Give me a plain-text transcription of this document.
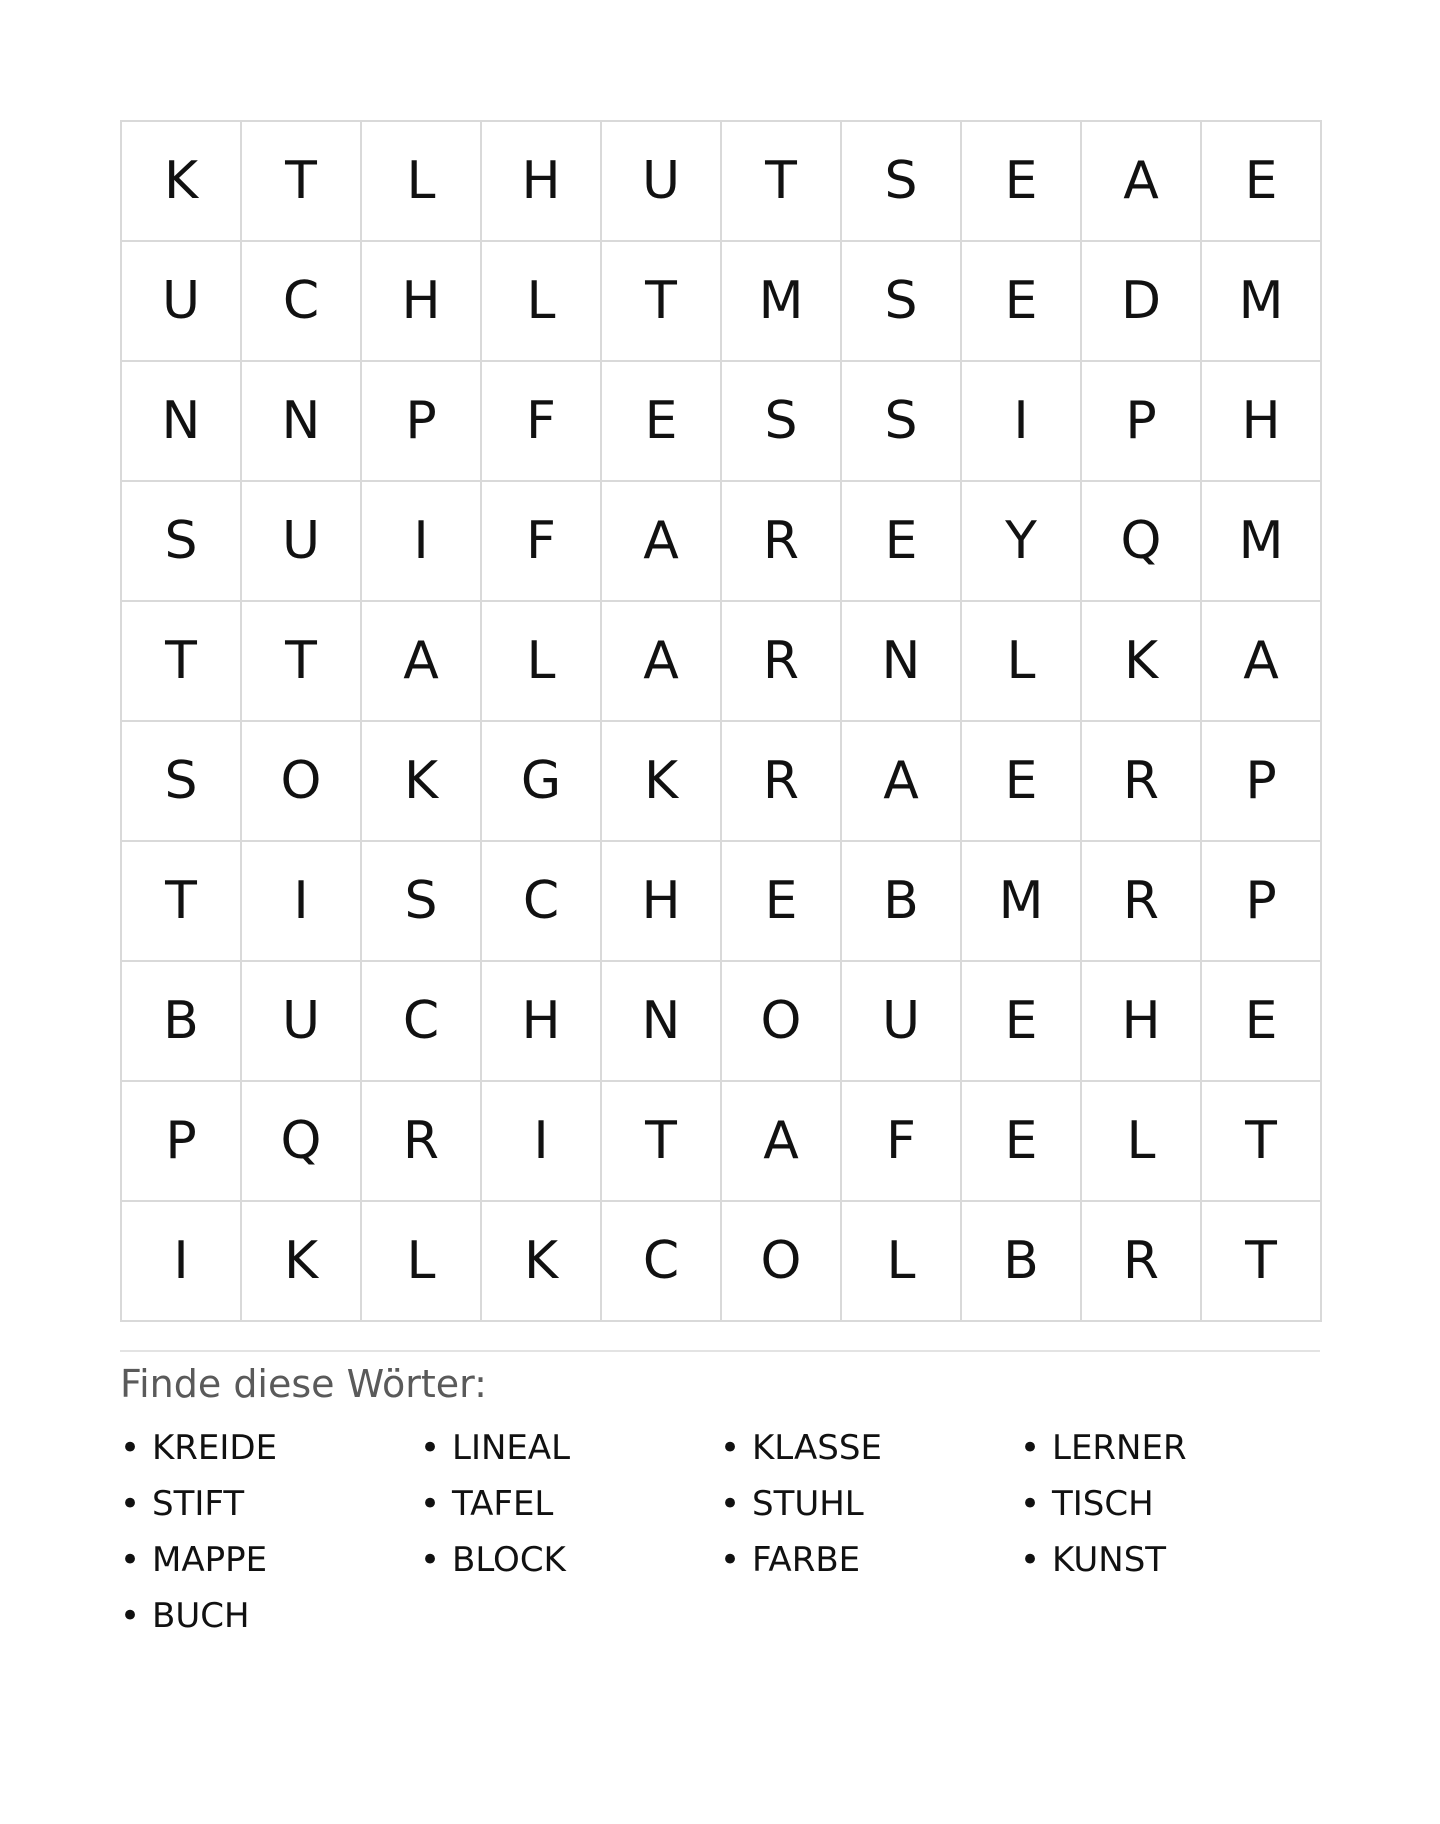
K	T	L	H	U	T	S	E	A	E
U	C	H	L	T	M	S	E	D	M
N	N	P	F	E	S	S	I	P	H
S	U	I	F	A	R	E	Y	Q	M
T	T	A	L	A	R	N	L	K	A
S	O	K	G	K	R	A	E	R	P
T	I	S	C	H	E	B	M	R	P
B	U	C	H	N	O	U	E	H	E
P	Q	R	I	T	A	F	E	L	T
I	K	L	K	C	O	L	B	R	T
Finde diese Wörter:
• KREIDE	• LINEAL	• KLASSE	• LERNER
• STIFT	• TAFEL	• STUHL	• TISCH
• MAPPE	• BLOCK	• FARBE	• KUNST
• BUCH
